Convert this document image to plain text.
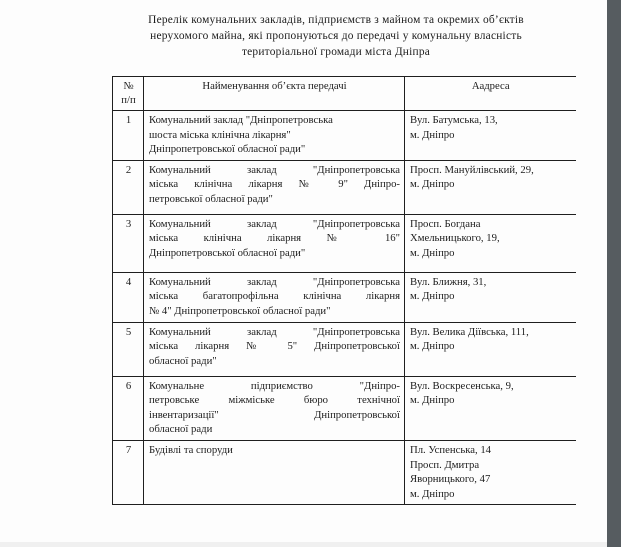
Перелік комунальних закладів, підприємств з майном та окремих об’єктів
нерухомого майна, які пропонуються до передачі у комунальну власність
територіальної громади міста Дніпра
№
п/п	Найменування об’єкта передачі	Аадреса
1	Комунальний заклад "Дніпропетровська
шоста міська клінічна лікарня"
Дніпропетровської обласної ради"	Вул. Батумська, 13,
м. Дніпро

2	Комунальний заклад "Дніпропетровська
міська клінічна лікарня № 9" Дніпро-
петровської обласної ради"	Просп. Мануйлівський, 29,
м. Дніпро

3	Комунальний заклад "Дніпропетровська
міська клінічна лікарня № 16"
Дніпропетровської обласної ради"	Просп. Богдана
Хмельницького, 19,
м. Дніпро

4	Комунальний заклад "Дніпропетровська
міська багатопрофільна клінічна лікарня
№ 4" Дніпропетровської обласної ради"	Вул. Ближня, 31,
м. Дніпро

5	Комунальний заклад "Дніпропетровська
міська лікарня № 5" Дніпропетровської
обласної ради"	Вул. Велика Дiївська, 111,
м. Дніпро

6	Комунальне підприємство "Дніпро-
петровське міжміське бюро технічної
інвентаризації" Дніпропетровської
обласної ради	Вул. Воскресенська, 9,
м. Дніпро

7	Будівлі та споруди	Пл. Успенська, 14
Просп. Дмитра
Яворницького, 47
м. Дніпро
